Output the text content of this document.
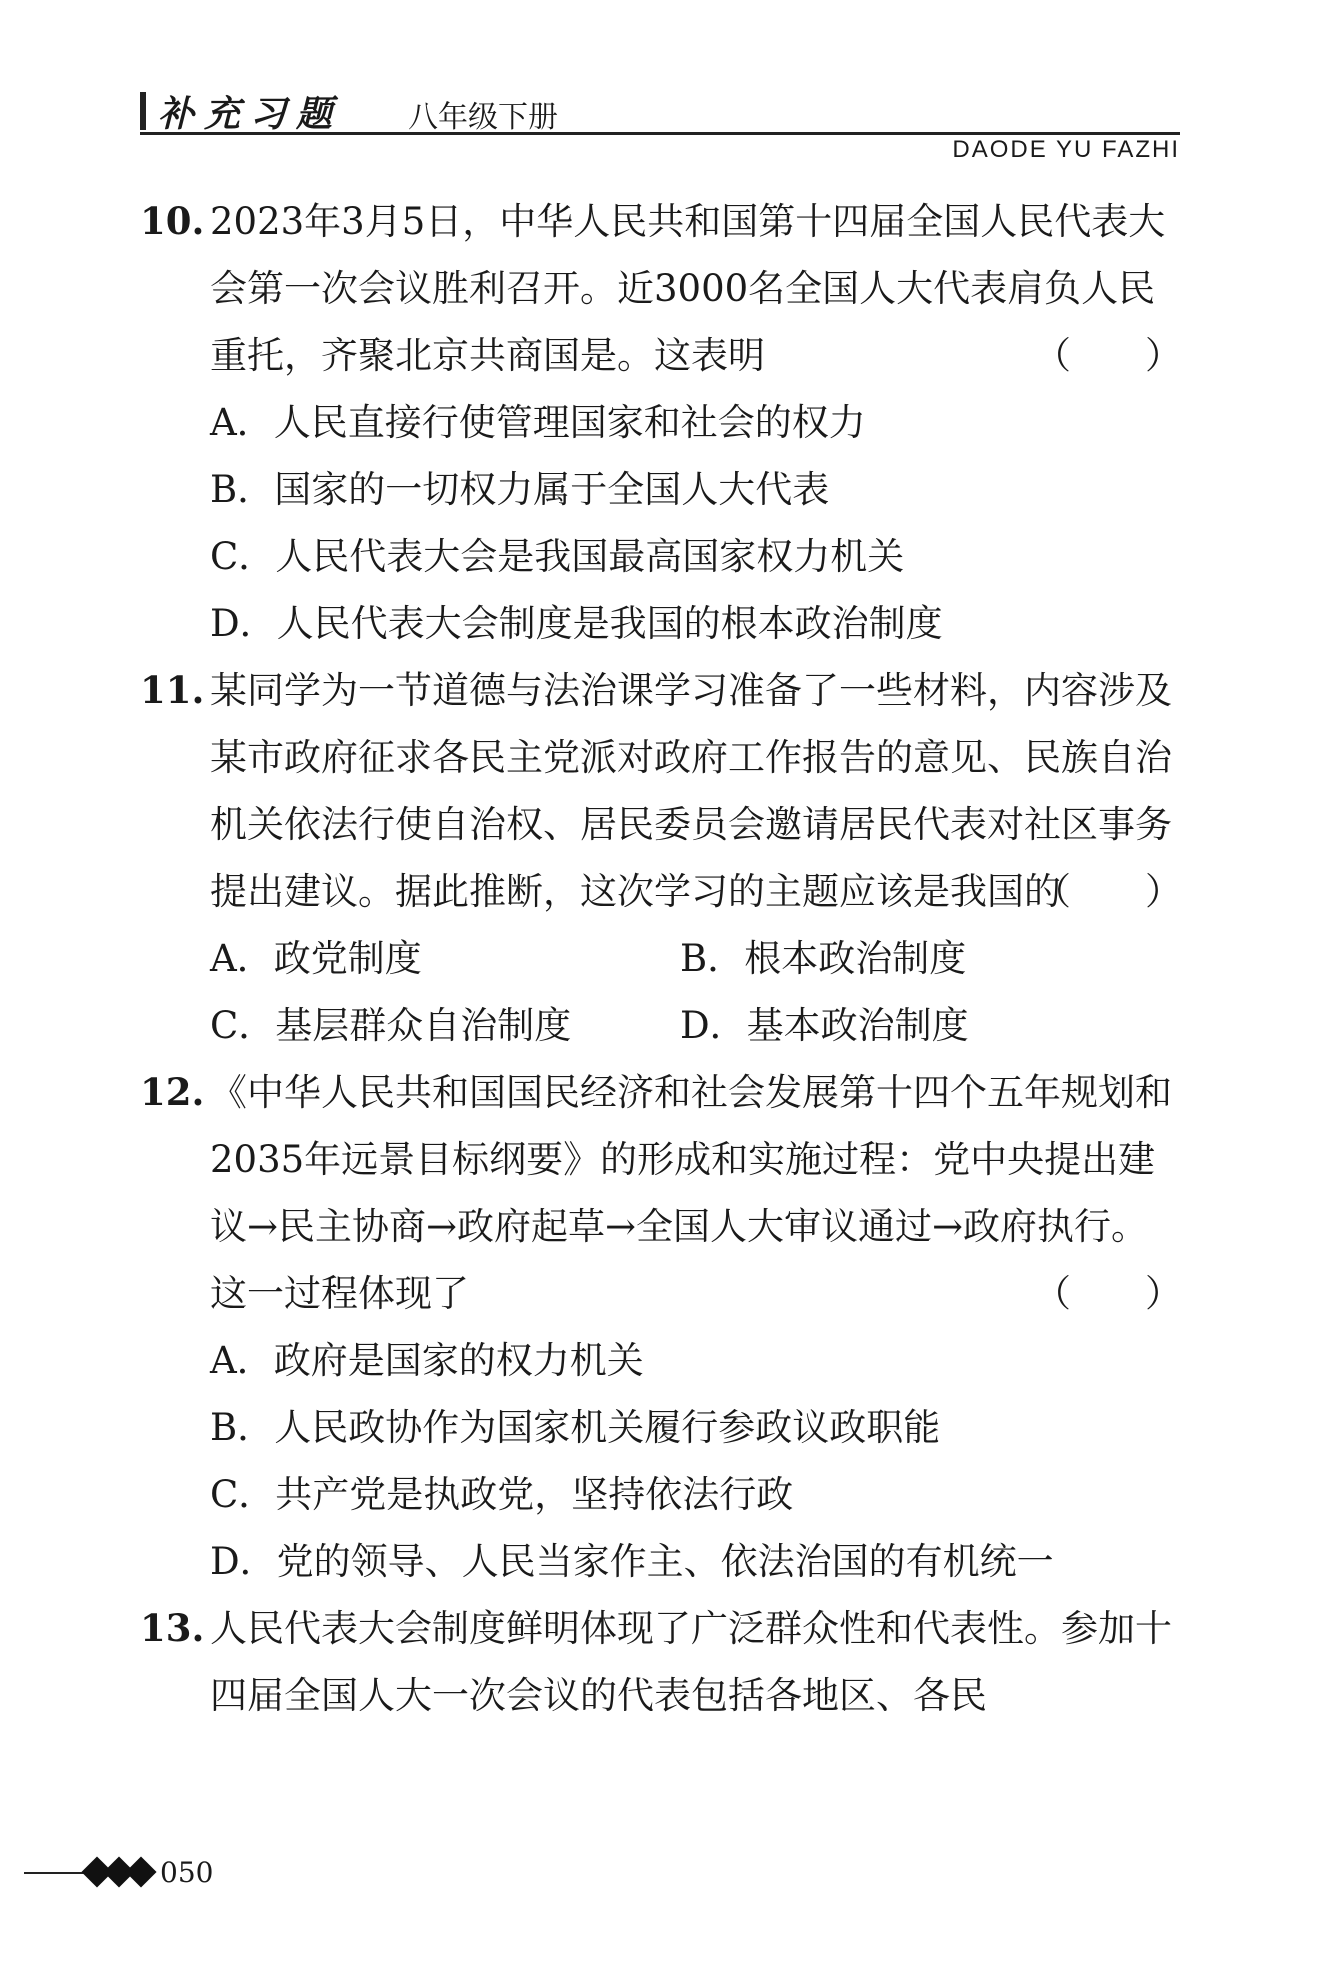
补充习题 八年级下册
DAODE YU FAZHI
10. 2023年3月5日，中华人民共和国第十四届全国人民代表大会第一次会议胜利召开。近3000名全国人大代表肩负人民重托，齐聚北京共商国是。这表明	（　　）
A．人民直接行使管理国家和社会的权力
B．国家的一切权力属于全国人大代表
C．人民代表大会是我国最高国家权力机关
D．人民代表大会制度是我国的根本政治制度
11. 某同学为一节道德与法治课学习准备了一些材料，内容涉及某市政府征求各民主党派对政府工作报告的意见、民族自治机关依法行使自治权、居民委员会邀请居民代表对社区事务提出建议。据此推断，这次学习的主题应该是我国的
（　　）
A．政党制度	B．根本政治制度
C．基层群众自治制度	D．基本政治制度
12. 《中华人民共和国国民经济和社会发展第十四个五年规划和2035年远景目标纲要》的形成和实施过程：党中央提出建议→民主协商→政府起草→全国人大审议通过→政府执行。这一过程体现了	（　　）
A．政府是国家的权力机关
B．人民政协作为国家机关履行参政议政职能
C．共产党是执政党，坚持依法行政
D．党的领导、人民当家作主、依法治国的有机统一
13. 人民代表大会制度鲜明体现了广泛群众性和代表性。参加十四届全国人大一次会议的代表包括各地区、各民
050
